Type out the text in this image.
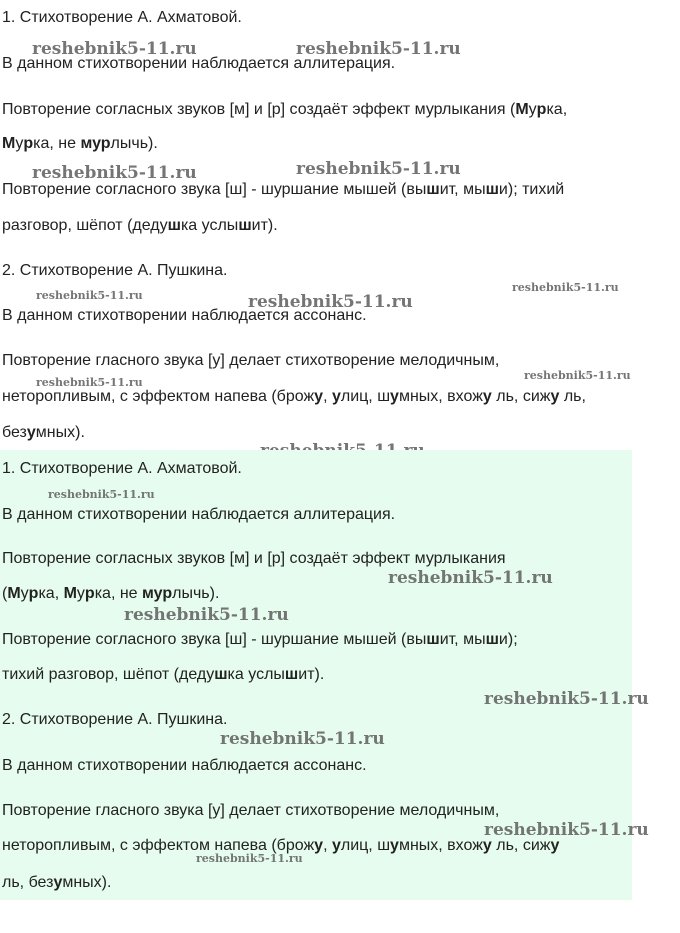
1. Стихотворение А. Ахматовой.

В данном стихотворении наблюдается аллитерация.

Повторение согласных звуков [м] и [р] создаёт эффект мурлыкания (Мурка,

Мурка, не мурлычь).

Повторение согласного звука [ш] - шуршание мышей (вышит, мыши); тихий

разговор, шёпот (дедушка услышит).

2. Стихотворение А. Пушкина.

В данном стихотворении наблюдается ассонанс.

Повторение гласного звука [у] делает стихотворение мелодичным,

неторопливым, с эффектом напева (брожу, улиц, шумных, вхожу ль, сижу ль,

безумных).

reshebnik5-11.ru	reshebnik5-11.ru
reshebnik5-11.ru	reshebnik5-11.ru
reshebnik5-11.ru	reshebnik5-11.ru
reshebnik5-11.ru
reshebnik5-11.ru
reshebnik5-11.ru

1. Стихотворение А. Ахматовой.

В данном стихотворении наблюдается аллитерация.

Повторение согласных звуков [м] и [р] создаёт эффект мурлыкания

(Мурка, Мурка, не мурлычь).

Повторение согласного звука [ш] - шуршание мышей (вышит, мыши);

тихий разговор, шёпот (дедушка услышит).

2. Стихотворение А. Пушкина.

В данном стихотворении наблюдается ассонанс.

Повторение гласного звука [у] делает стихотворение мелодичным,

неторопливым, с эффектом напева (брожу, улиц, шумных, вхожу ль, сижу

ль, безумных).

reshebnik5-11.ru
reshebnik5-11.ru
reshebnik5-11.ru
reshebnik5-11.ru
reshebnik5-11.ru
reshebnik5-11.ru
reshebnik5-11.ru
